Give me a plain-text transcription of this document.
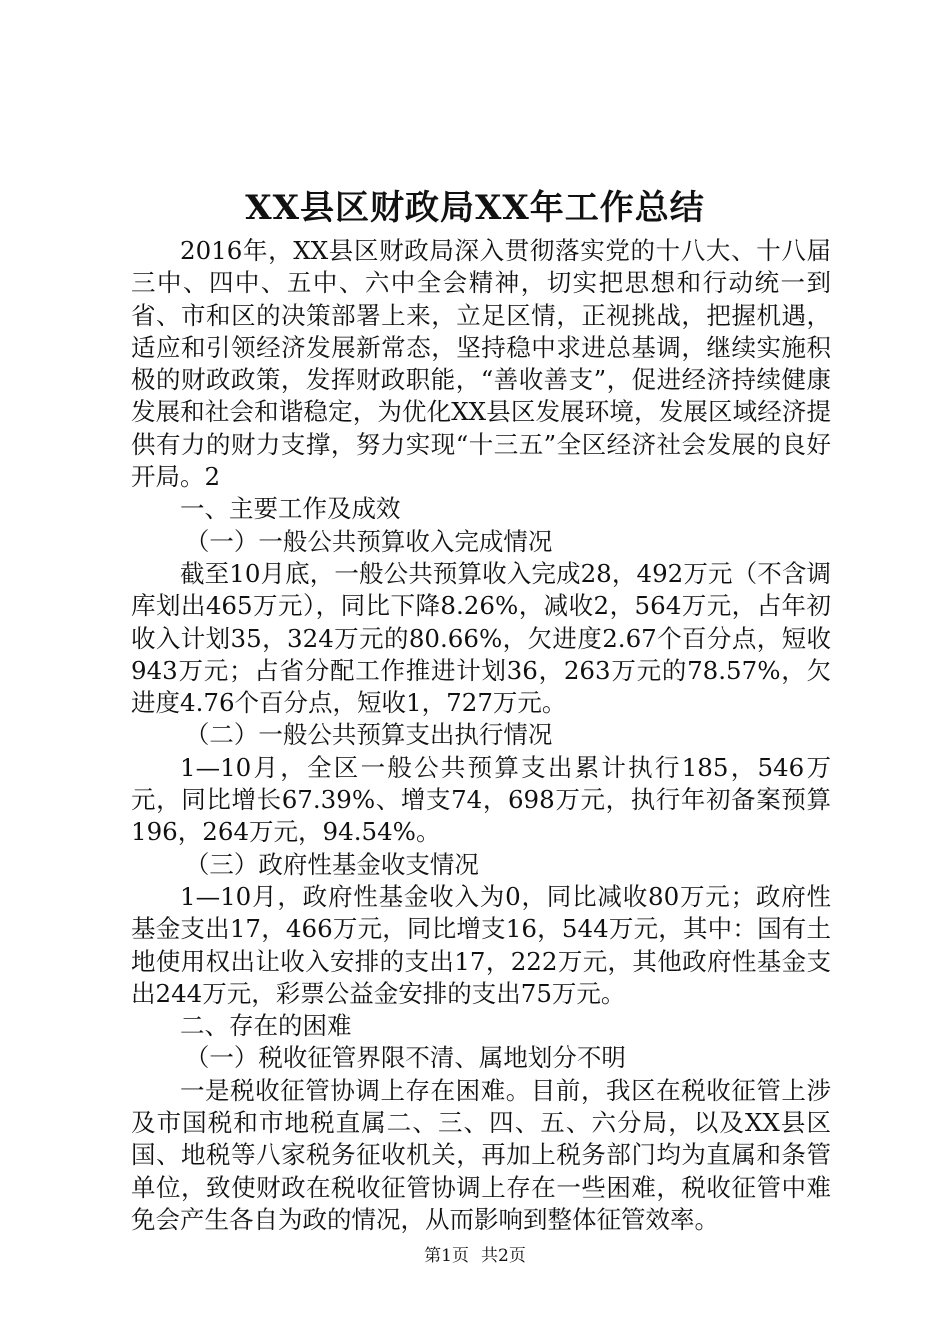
XX县区财政局XX年工作总结

2016年，XX县区财政局深入贯彻落实党的十八大、十八届三中、四中、五中、六中全会精神，切实把思想和行动统一到省、市和区的决策部署上来，立足区情，正视挑战，把握机遇，适应和引领经济发展新常态，坚持稳中求进总基调，继续实施积极的财政政策，发挥财政职能，“善收善支”，促进经济持续健康发展和社会和谐稳定，为优化XX县区发展环境，发展区域经济提供有力的财力支撑，努力实现“十三五”全区经济社会发展的良好开局。2

一、主要工作及成效

（一）一般公共预算收入完成情况

截至10月底，一般公共预算收入完成28，492万元（不含调库划出465万元），同比下降8.26%，减收2，564万元，占年初收入计划35，324万元的80.66%，欠进度2.67个百分点，短收943万元；占省分配工作推进计划36，263万元的78.57%，欠进度4.76个百分点，短收1，727万元。

（二）一般公共预算支出执行情况

1—10月，全区一般公共预算支出累计执行185，546万元，同比增长67.39%、增支74，698万元，执行年初备案预算196，264万元，94.54%。

（三）政府性基金收支情况

1—10月，政府性基金收入为0，同比减收80万元；政府性基金支出17，466万元，同比增支16，544万元，其中：国有土地使用权出让收入安排的支出17，222万元，其他政府性基金支出244万元，彩票公益金安排的支出75万元。

二、存在的困难

（一）税收征管界限不清、属地划分不明

一是税收征管协调上存在困难。目前，我区在税收征管上涉及市国税和市地税直属二、三、四、五、六分局，以及XX县区国、地税等八家税务征收机关，再加上税务部门均为直属和条管单位，致使财政在税收征管协调上存在一些困难，税收征管中难免会产生各自为政的情况，从而影响到整体征管效率。

第1页 共2页
